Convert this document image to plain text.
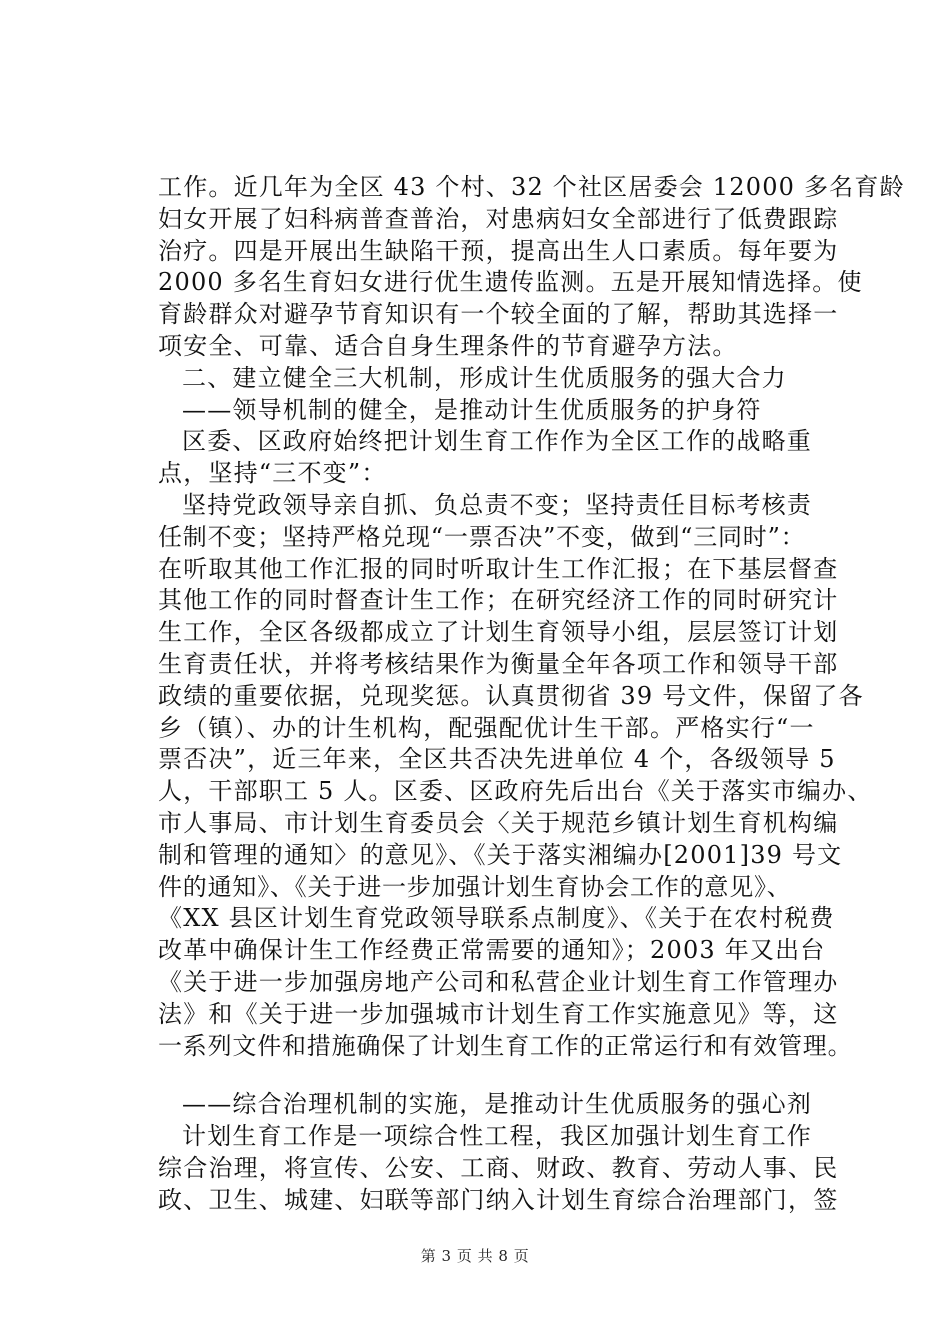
工作。近几年为全区 43 个村、32 个社区居委会 12000 多名育龄
妇女开展了妇科病普查普治，对患病妇女全部进行了低费跟踪
治疗。四是开展出生缺陷干预，提高出生人口素质。每年要为
2000 多名生育妇女进行优生遗传监测。五是开展知情选择。使
育龄群众对避孕节育知识有一个较全面的了解，帮助其选择一
项安全、可靠、适合自身生理条件的节育避孕方法。
二、建立健全三大机制，形成计生优质服务的强大合力
——领导机制的健全，是推动计生优质服务的护身符
区委、区政府始终把计划生育工作作为全区工作的战略重
点，坚持“三不变”：
坚持党政领导亲自抓、负总责不变；坚持责任目标考核责
任制不变；坚持严格兑现“一票否决”不变，做到“三同时”：
在听取其他工作汇报的同时听取计生工作汇报；在下基层督查
其他工作的同时督查计生工作；在研究经济工作的同时研究计
生工作，全区各级都成立了计划生育领导小组，层层签订计划
生育责任状，并将考核结果作为衡量全年各项工作和领导干部
政绩的重要依据，兑现奖惩。认真贯彻省 39 号文件，保留了各
乡（镇）、办的计生机构，配强配优计生干部。严格实行“一
票否决”，近三年来，全区共否决先进单位 4 个，各级领导 5
人，干部职工 5 人。区委、区政府先后出台《关于落实市编办、
市人事局、市计划生育委员会〈关于规范乡镇计划生育机构编
制和管理的通知〉的意见》、《关于落实湘编办[2001]39 号文
件的通知》、《关于进一步加强计划生育协会工作的意见》、
《XX 县区计划生育党政领导联系点制度》、《关于在农村税费
改革中确保计生工作经费正常需要的通知》；2003 年又出台
《关于进一步加强房地产公司和私营企业计划生育工作管理办
法》和《关于进一步加强城市计划生育工作实施意见》等，这
一系列文件和措施确保了计划生育工作的正常运行和有效管理。
——综合治理机制的实施，是推动计生优质服务的强心剂
计划生育工作是一项综合性工程，我区加强计划生育工作
综合治理，将宣传、公安、工商、财政、教育、劳动人事、民
政、卫生、城建、妇联等部门纳入计划生育综合治理部门，签
第 3 页 共 8 页
